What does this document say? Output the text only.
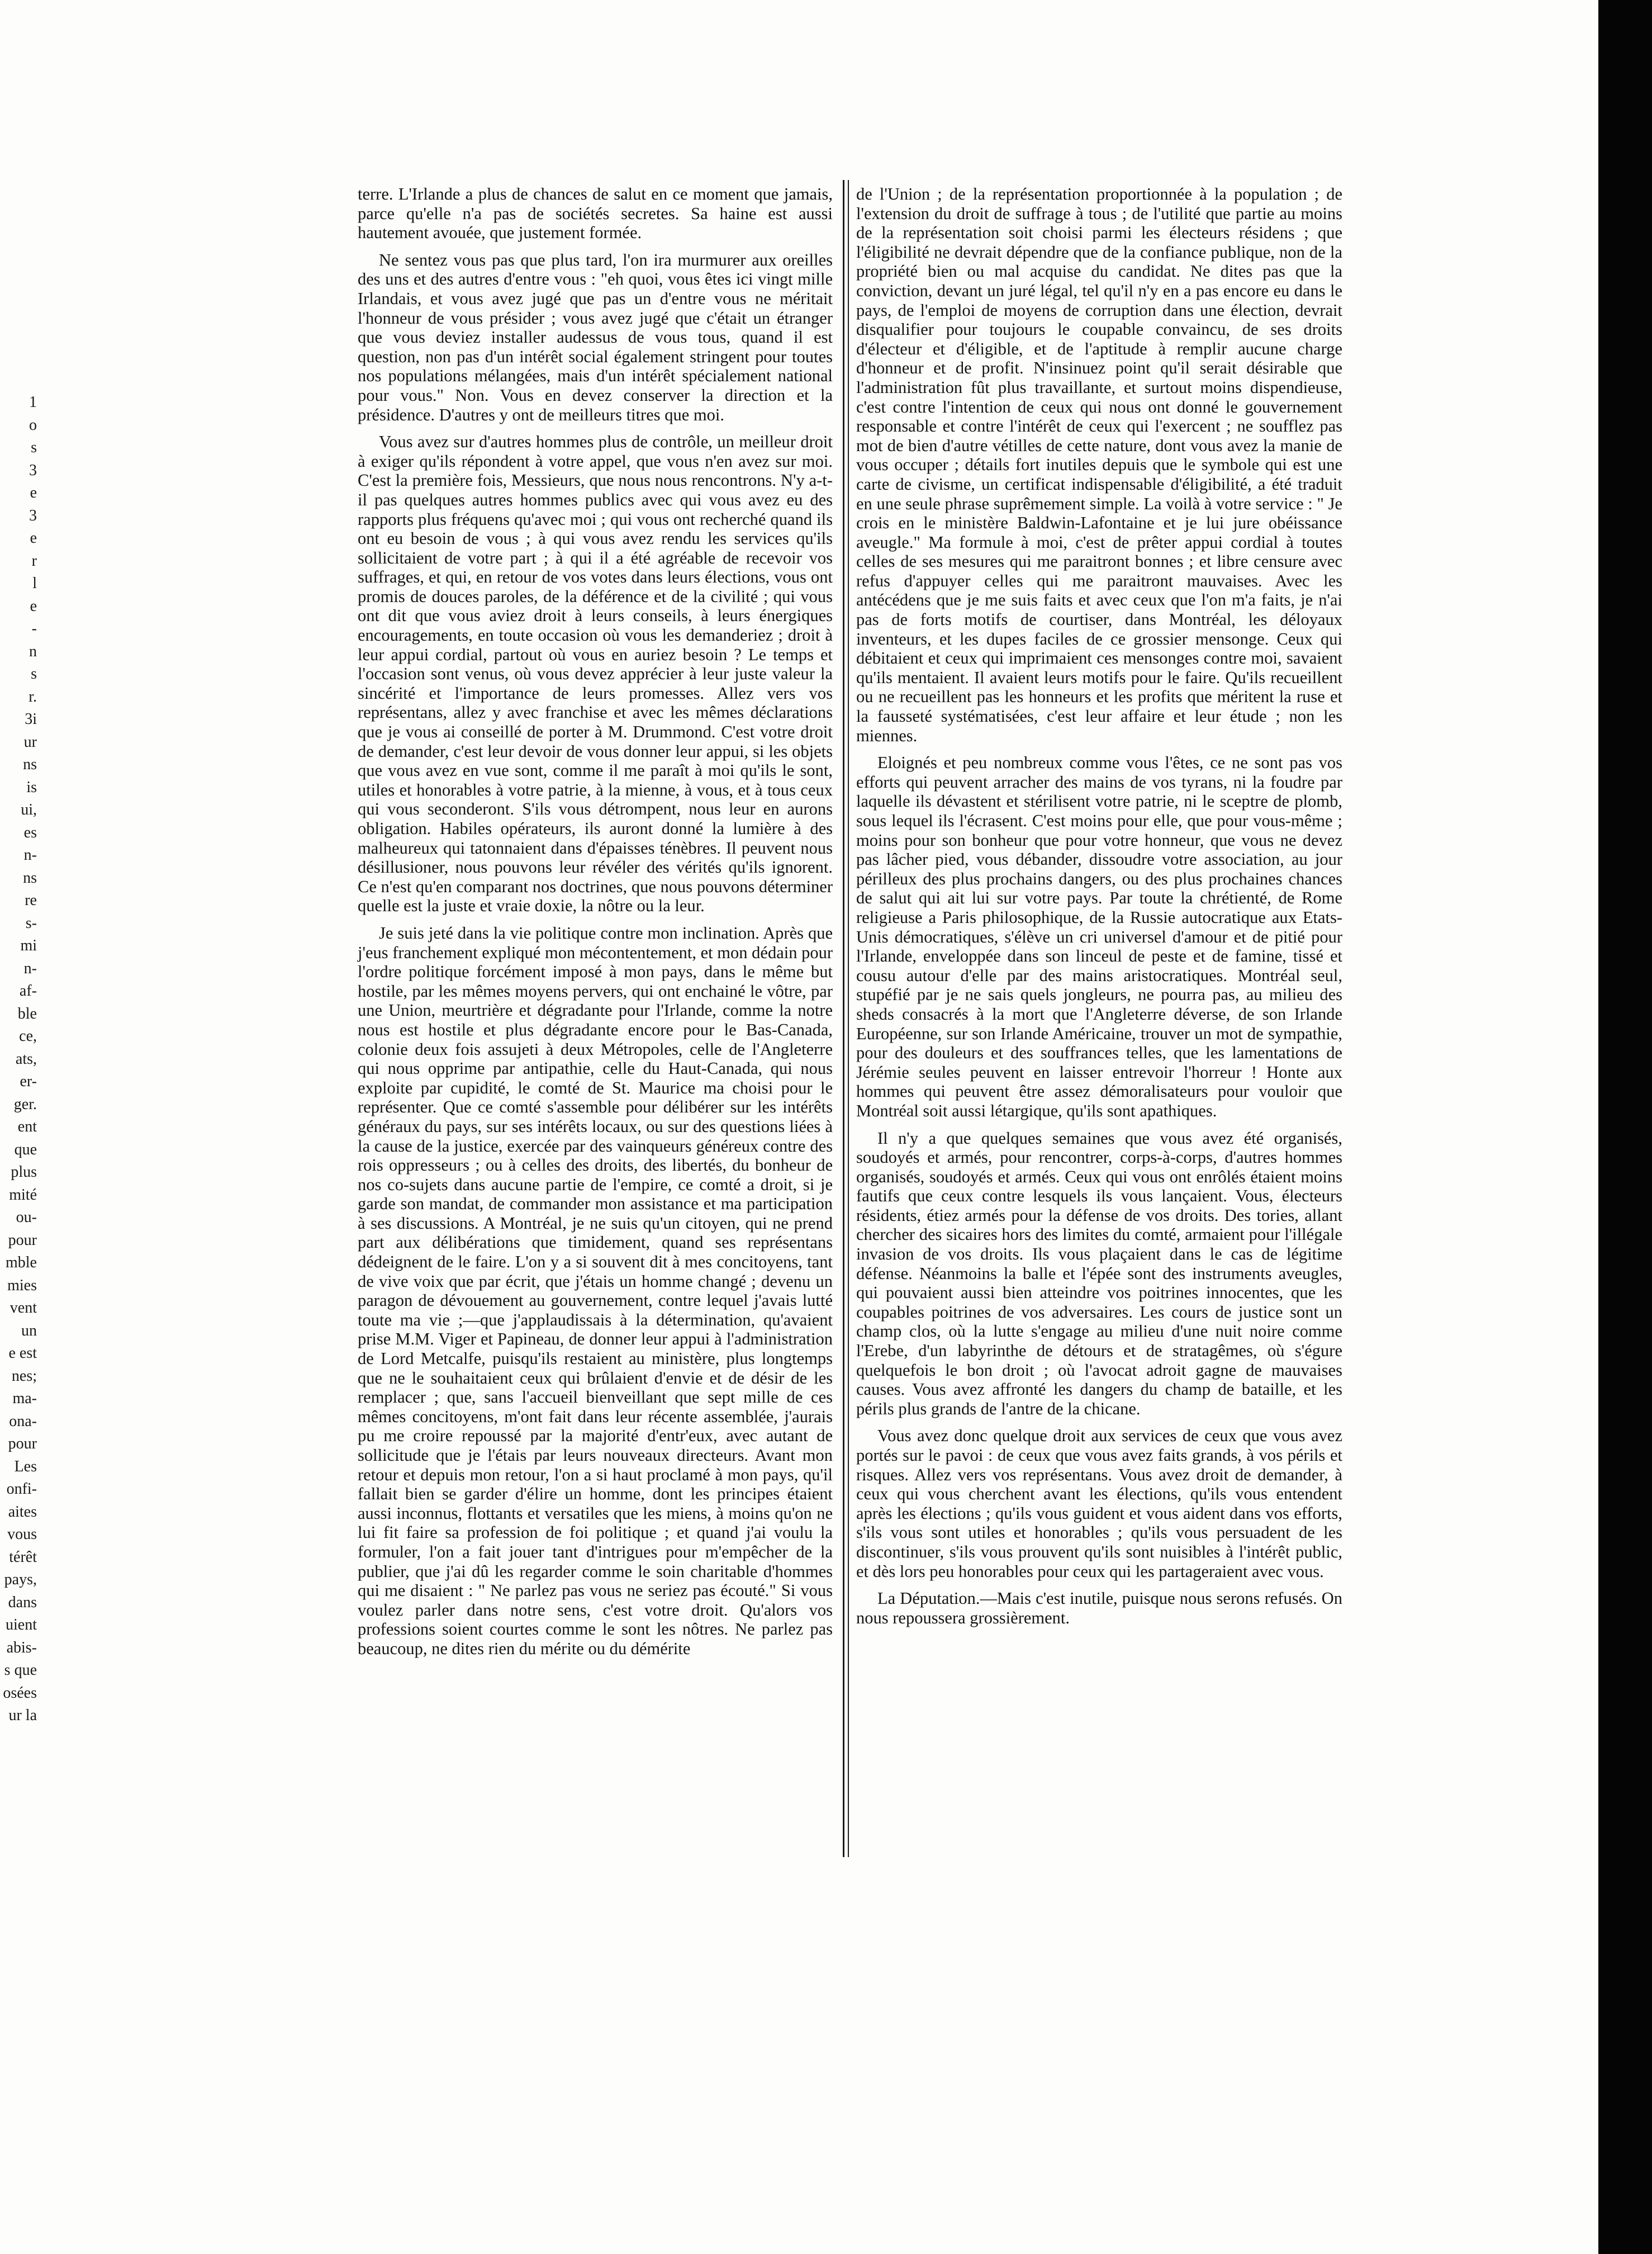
1
o
s
3
e
3
e
r
l
e
-
n
s
r.
3i
ur
ns
is
ui,
es
n-
ns
re
s-
mi
n-
af-
ble
ce,
ats,
er-
ger.
ent
que
plus
mité
ou-
pour
mble
mies
vent
un
e est
nes;
ma-
ona-
pour
Les
onfi-
aites
vous
térêt
pays,
dans
uient
abis-
s que
osées
ur la

terre. L'Irlande a plus de chances de salut en ce moment que jamais, parce qu'elle n'a pas de sociétés secretes. Sa haine est aussi hautement avouée, que justement formée.

Ne sentez vous pas que plus tard, l'on ira murmurer aux oreilles des uns et des autres d'entre vous : "eh quoi, vous êtes ici vingt mille Irlandais, et vous avez jugé que pas un d'entre vous ne méritait l'honneur de vous présider ; vous avez jugé que c'était un étranger que vous deviez installer audessus de vous tous, quand il est question, non pas d'un intérêt social également stringent pour toutes nos populations mélangées, mais d'un intérêt spécialement national pour vous." Non. Vous en devez conserver la direction et la présidence. D'autres y ont de meilleurs titres que moi.

Vous avez sur d'autres hommes plus de contrôle, un meilleur droit à exiger qu'ils répondent à votre appel, que vous n'en avez sur moi. C'est la première fois, Messieurs, que nous nous rencontrons. N'y a-t-il pas quelques autres hommes publics avec qui vous avez eu des rapports plus fréquens qu'avec moi ; qui vous ont recherché quand ils ont eu besoin de vous ; à qui vous avez rendu les services qu'ils sollicitaient de votre part ; à qui il a été agréable de recevoir vos suffrages, et qui, en retour de vos votes dans leurs élections, vous ont promis de douces paroles, de la déférence et de la civilité ; qui vous ont dit que vous aviez droit à leurs conseils, à leurs énergiques encouragements, en toute occasion où vous les demanderiez ; droit à leur appui cordial, partout où vous en auriez besoin ? Le temps et l'occasion sont venus, où vous devez apprécier à leur juste valeur la sincérité et l'importance de leurs promesses. Allez vers vos représentans, allez y avec franchise et avec les mêmes déclarations que je vous ai conseillé de porter à M. Drummond. C'est votre droit de demander, c'est leur devoir de vous donner leur appui, si les objets que vous avez en vue sont, comme il me paraît à moi qu'ils le sont, utiles et honorables à votre patrie, à la mienne, à vous, et à tous ceux qui vous seconderont. S'ils vous détrompent, nous leur en aurons obligation. Habiles opérateurs, ils auront donné la lumière à des malheureux qui tatonnaient dans d'épaisses ténèbres. Il peuvent nous désillusioner, nous pouvons leur révéler des vérités qu'ils ignorent. Ce n'est qu'en comparant nos doctrines, que nous pouvons déterminer quelle est la juste et vraie doxie, la nôtre ou la leur.

Je suis jeté dans la vie politique contre mon inclination. Après que j'eus franchement expliqué mon mécontentement, et mon dédain pour l'ordre politique forcément imposé à mon pays, dans le même but hostile, par les mêmes moyens pervers, qui ont enchainé le vôtre, par une Union, meurtrière et dégradante pour l'Irlande, comme la notre nous est hostile et plus dégradante encore pour le Bas-Canada, colonie deux fois assujeti à deux Métropoles, celle de l'Angleterre qui nous opprime par antipathie, celle du Haut-Canada, qui nous exploite par cupidité, le comté de St. Maurice ma choisi pour le représenter. Que ce comté s'assemble pour délibérer sur les intérêts généraux du pays, sur ses intérêts locaux, ou sur des questions liées à la cause de la justice, exercée par des vainqueurs généreux contre des rois oppresseurs ; ou à celles des droits, des libertés, du bonheur de nos co-sujets dans aucune partie de l'empire, ce comté a droit, si je garde son mandat, de commander mon assistance et ma participation à ses discussions. A Montréal, je ne suis qu'un citoyen, qui ne prend part aux délibérations que timidement, quand ses représentans dédeignent de le faire. L'on y a si souvent dit à mes concitoyens, tant de vive voix que par écrit, que j'étais un homme changé ; devenu un paragon de dévouement au gouvernement, contre lequel j'avais lutté toute ma vie ;—que j'applaudissais à la détermination, qu'avaient prise M.M. Viger et Papineau, de donner leur appui à l'administration de Lord Metcalfe, puisqu'ils restaient au ministère, plus longtemps que ne le souhaitaient ceux qui brûlaient d'envie et de désir de les remplacer ; que, sans l'accueil bienveillant que sept mille de ces mêmes concitoyens, m'ont fait dans leur récente assemblée, j'aurais pu me croire repoussé par la majorité d'entr'eux, avec autant de sollicitude que je l'étais par leurs nouveaux directeurs. Avant mon retour et depuis mon retour, l'on a si haut proclamé à mon pays, qu'il fallait bien se garder d'élire un homme, dont les principes étaient aussi inconnus, flottants et versatiles que les miens, à moins qu'on ne lui fit faire sa profession de foi politique ; et quand j'ai voulu la formuler, l'on a fait jouer tant d'intrigues pour m'empêcher de la publier, que j'ai dû les regarder comme le soin charitable d'hommes qui me disaient : " Ne parlez pas vous ne seriez pas écouté." Si vous voulez parler dans notre sens, c'est votre droit. Qu'alors vos professions soient courtes comme le sont les nôtres. Ne parlez pas beaucoup, ne dites rien du mérite ou du démérite

de l'Union ; de la représentation proportionnée à la population ; de l'extension du droit de suffrage à tous ; de l'utilité que partie au moins de la représentation soit choisi parmi les électeurs résidens ; que l'éligibilité ne devrait dépendre que de la confiance publique, non de la propriété bien ou mal acquise du candidat. Ne dites pas que la conviction, devant un juré légal, tel qu'il n'y en a pas encore eu dans le pays, de l'emploi de moyens de corruption dans une élection, devrait disqualifier pour toujours le coupable convaincu, de ses droits d'électeur et d'éligible, et de l'aptitude à remplir aucune charge d'honneur et de profit. N'insinuez point qu'il serait désirable que l'administration fût plus travaillante, et surtout moins dispendieuse, c'est contre l'intention de ceux qui nous ont donné le gouvernement responsable et contre l'intérêt de ceux qui l'exercent ; ne soufflez pas mot de bien d'autre vétilles de cette nature, dont vous avez la manie de vous occuper ; détails fort inutiles depuis que le symbole qui est une carte de civisme, un certificat indispensable d'éligibilité, a été traduit en une seule phrase suprêmement simple. La voilà à votre service : " Je crois en le ministère Baldwin-Lafontaine et je lui jure obéissance aveugle." Ma formule à moi, c'est de prêter appui cordial à toutes celles de ses mesures qui me paraitront bonnes ; et libre censure avec refus d'appuyer celles qui me paraitront mauvaises. Avec les antécédens que je me suis faits et avec ceux que l'on m'a faits, je n'ai pas de forts motifs de courtiser, dans Montréal, les déloyaux inventeurs, et les dupes faciles de ce grossier mensonge. Ceux qui débitaient et ceux qui imprimaient ces mensonges contre moi, savaient qu'ils mentaient. Il avaient leurs motifs pour le faire. Qu'ils recueillent ou ne recueillent pas les honneurs et les profits que méritent la ruse et la fausseté systématisées, c'est leur affaire et leur étude ; non les miennes.

Eloignés et peu nombreux comme vous l'êtes, ce ne sont pas vos efforts qui peuvent arracher des mains de vos tyrans, ni la foudre par laquelle ils dévastent et stérilisent votre patrie, ni le sceptre de plomb, sous lequel ils l'écrasent. C'est moins pour elle, que pour vous-même ; moins pour son bonheur que pour votre honneur, que vous ne devez pas lâcher pied, vous débander, dissoudre votre association, au jour périlleux des plus prochains dangers, ou des plus prochaines chances de salut qui ait lui sur votre pays. Par toute la chrétienté, de Rome religieuse a Paris philosophique, de la Russie autocratique aux Etats-Unis démocratiques, s'élève un cri universel d'amour et de pitié pour l'Irlande, enveloppée dans son linceul de peste et de famine, tissé et cousu autour d'elle par des mains aristocratiques. Montréal seul, stupéfié par je ne sais quels jongleurs, ne pourra pas, au milieu des sheds consacrés à la mort que l'Angleterre déverse, de son Irlande Européenne, sur son Irlande Américaine, trouver un mot de sympathie, pour des douleurs et des souffrances telles, que les lamentations de Jérémie seules peuvent en laisser entrevoir l'horreur ! Honte aux hommes qui peuvent être assez démoralisateurs pour vouloir que Montréal soit aussi létargique, qu'ils sont apathiques.

Il n'y a que quelques semaines que vous avez été organisés, soudoyés et armés, pour rencontrer, corps-à-corps, d'autres hommes organisés, soudoyés et armés. Ceux qui vous ont enrôlés étaient moins fautifs que ceux contre lesquels ils vous lançaient. Vous, électeurs résidents, étiez armés pour la défense de vos droits. Des tories, allant chercher des sicaires hors des limites du comté, armaient pour l'illégale invasion de vos droits. Ils vous plaçaient dans le cas de légitime défense. Néanmoins la balle et l'épée sont des instruments aveugles, qui pouvaient aussi bien atteindre vos poitrines innocentes, que les coupables poitrines de vos adversaires. Les cours de justice sont un champ clos, où la lutte s'engage au milieu d'une nuit noire comme l'Erebe, d'un labyrinthe de détours et de stratagêmes, où s'égure quelquefois le bon droit ; où l'avocat adroit gagne de mauvaises causes. Vous avez affronté les dangers du champ de bataille, et les périls plus grands de l'antre de la chicane.

Vous avez donc quelque droit aux services de ceux que vous avez portés sur le pavoi : de ceux que vous avez faits grands, à vos périls et risques. Allez vers vos représentans. Vous avez droit de demander, à ceux qui vous cherchent avant les élections, qu'ils vous entendent après les élections ; qu'ils vous guident et vous aident dans vos efforts, s'ils vous sont utiles et honorables ; qu'ils vous persuadent de les discontinuer, s'ils vous prouvent qu'ils sont nuisibles à l'intérêt public, et dès lors peu honorables pour ceux qui les partageraient avec vous.

La Députation.—Mais c'est inutile, puisque nous serons refusés. On nous repoussera grossièrement.
